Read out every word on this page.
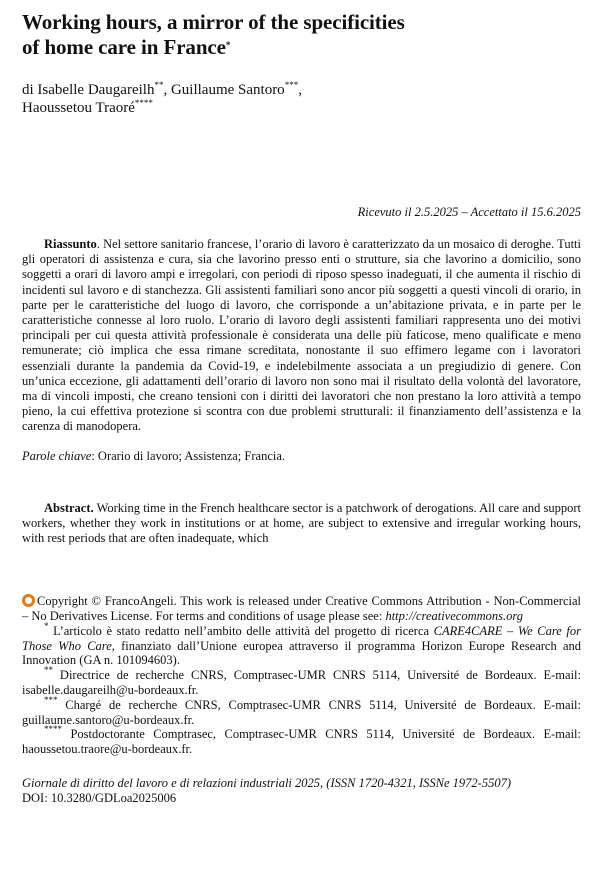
Working hours, a mirror of the specificities
of home care in France*
di Isabelle Daugareilh**, Guillaume Santoro***,
Haoussetou Traoré****
Ricevuto il 2.5.2025 – Accettato il 15.6.2025

Riassunto. Nel settore sanitario francese, l’orario di lavoro è caratterizzato da un mosaico di deroghe. Tutti gli operatori di assistenza e cura, sia che lavorino presso enti o strutture, sia che lavorino a domicilio, sono soggetti a orari di lavoro ampi e irregolari, con periodi di riposo spesso inadeguati, il che aumenta il rischio di incidenti sul lavoro e di stanchezza. Gli assistenti familiari sono ancor più soggetti a questi vincoli di orario, in parte per le caratteristiche del luogo di lavoro, che corrisponde a un’abitazione privata, e in parte per le caratteristiche connesse al loro ruolo. L’orario di lavoro degli assistenti familiari rappresenta uno dei motivi principali per cui questa attività professionale è considerata una delle più faticose, meno qualificate e meno remunerate; ciò implica che essa rimane screditata, nonostante il suo effimero legame con i lavoratori essenziali durante la pandemia da Covid-19, e indelebilmente associata a un pregiudizio di genere. Con un’unica eccezione, gli adattamenti dell’orario di lavoro non sono mai il risultato della volontà del lavoratore, ma di vincoli imposti, che creano tensioni con i diritti dei lavoratori che non prestano la loro attività a tempo pieno, la cui effettiva protezione si scontra con due problemi strutturali: il finanziamento dell’assistenza e la carenza di manodopera.

Parole chiave: Orario di lavoro; Assistenza; Francia.

Abstract. Working time in the French healthcare sector is a patchwork of derogations. All care and support workers, whether they work in institutions or at home, are subject to extensive and irregular working hours, with rest periods that are often inadequate, which

Copyright © FrancoAngeli. This work is released under Creative Commons Attribution - Non-Commercial – No Derivatives License. For terms and conditions of usage please see: http://creativecommons.org

* L’articolo è stato redatto nell’ambito delle attività del progetto di ricerca CARE4CARE – We Care for Those Who Care, finanziato dall’Unione europea attraverso il programma Horizon Europe Research and Innovation (GA n. 101094603).

** Directrice de recherche CNRS, Comptrasec-UMR CNRS 5114, Université de Bordeaux. E-mail: isabelle.daugareilh@u-bordeaux.fr.

*** Chargé de recherche CNRS, Comptrasec-UMR CNRS 5114, Université de Bordeaux. E-mail: guillaume.santoro@u-bordeaux.fr.

**** Postdoctorante Comptrasec, Comptrasec-UMR CNRS 5114, Université de Bordeaux. E-mail: haoussetou.traore@u-bordeaux.fr.

Giornale di diritto del lavoro e di relazioni industriali 2025, (ISSN 1720-4321, ISSNe 1972-5507)
DOI: 10.3280/GDLoa2025006
